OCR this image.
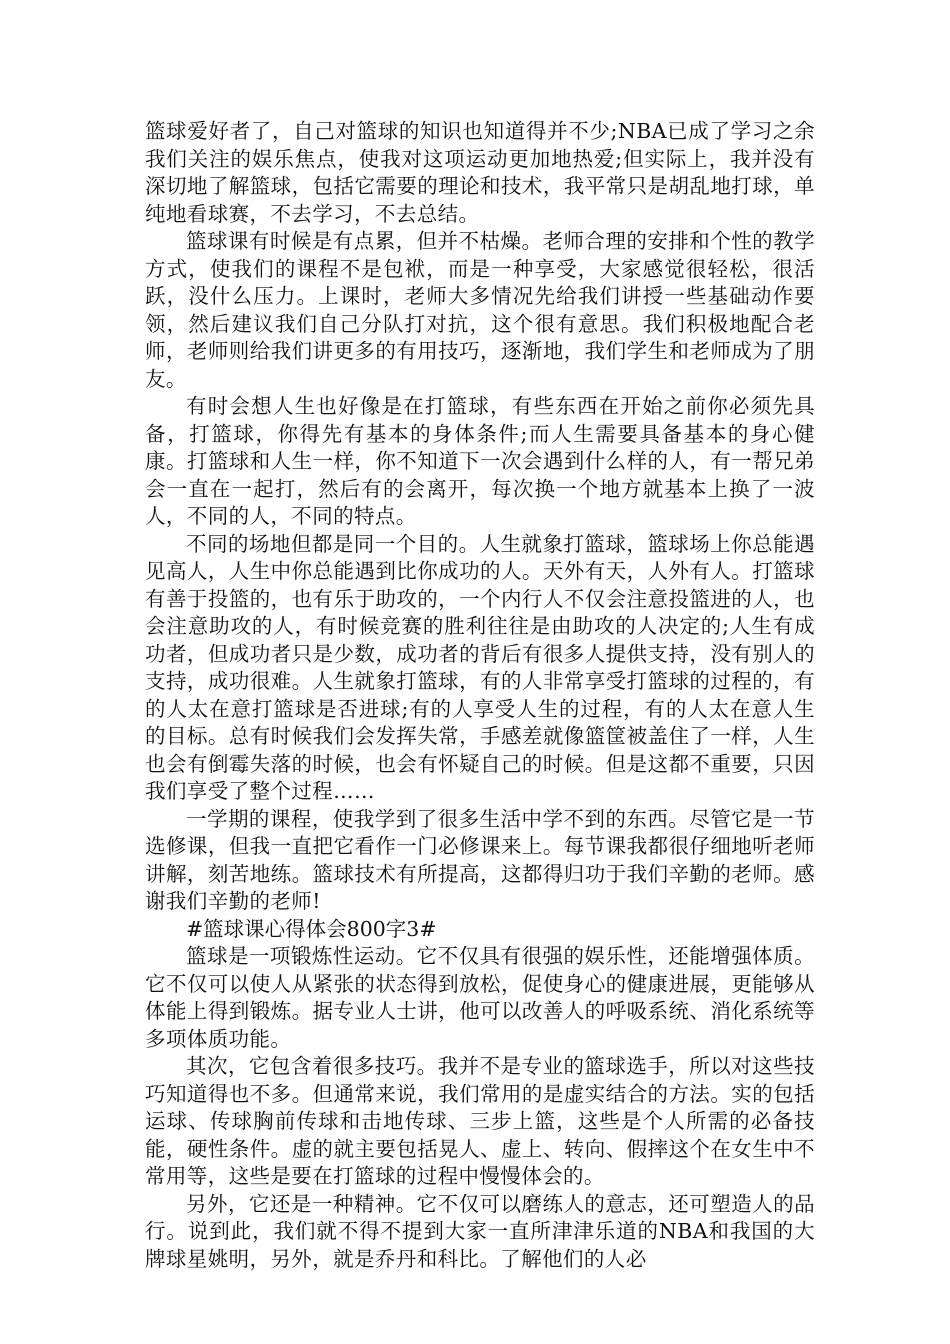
篮球爱好者了，自己对篮球的知识也知道得并不少;NBA已成了学习之余我们关注的娱乐焦点，使我对这项运动更加地热爱;但实际上，我并没有深切地了解篮球，包括它需要的理论和技术，我平常只是胡乱地打球，单纯地看球赛，不去学习，不去总结。

篮球课有时候是有点累，但并不枯燥。老师合理的安排和个性的教学方式，使我们的课程不是包袱，而是一种享受，大家感觉很轻松，很活跃，没什么压力。上课时，老师大多情况先给我们讲授一些基础动作要领，然后建议我们自己分队打对抗，这个很有意思。我们积极地配合老师，老师则给我们讲更多的有用技巧，逐渐地，我们学生和老师成为了朋友。

有时会想人生也好像是在打篮球，有些东西在开始之前你必须先具备，打篮球，你得先有基本的身体条件;而人生需要具备基本的身心健康。打篮球和人生一样，你不知道下一次会遇到什么样的人，有一帮兄弟会一直在一起打，然后有的会离开，每次换一个地方就基本上换了一波人，不同的人，不同的特点。

不同的场地但都是同一个目的。人生就象打篮球，篮球场上你总能遇见高人，人生中你总能遇到比你成功的人。天外有天，人外有人。打篮球有善于投篮的，也有乐于助攻的，一个内行人不仅会注意投篮进的人，也会注意助攻的人，有时候竞赛的胜利往往是由助攻的人决定的;人生有成功者，但成功者只是少数，成功者的背后有很多人提供支持，没有别人的支持，成功很难。人生就象打篮球，有的人非常享受打篮球的过程的，有的人太在意打篮球是否进球;有的人享受人生的过程，有的人太在意人生的目标。总有时候我们会发挥失常，手感差就像篮筐被盖住了一样，人生也会有倒霉失落的时候，也会有怀疑自己的时候。但是这都不重要，只因我们享受了整个过程……

一学期的课程，使我学到了很多生活中学不到的东西。尽管它是一节选修课，但我一直把它看作一门必修课来上。每节课我都很仔细地听老师讲解，刻苦地练。篮球技术有所提高，这都得归功于我们辛勤的老师。感谢我们辛勤的老师!

#篮球课心得体会800字3#

篮球是一项锻炼性运动。它不仅具有很强的娱乐性，还能增强体质。它不仅可以使人从紧张的状态得到放松，促使身心的健康进展，更能够从体能上得到锻炼。据专业人士讲，他可以改善人的呼吸系统、消化系统等多项体质功能。

其次，它包含着很多技巧。我并不是专业的篮球选手，所以对这些技巧知道得也不多。但通常来说，我们常用的是虚实结合的方法。实的包括运球、传球胸前传球和击地传球、三步上篮，这些是个人所需的必备技能，硬性条件。虚的就主要包括晃人、虚上、转向、假摔这个在女生中不常用等，这些是要在打篮球的过程中慢慢体会的。

另外，它还是一种精神。它不仅可以磨练人的意志，还可塑造人的品行。说到此，我们就不得不提到大家一直所津津乐道的NBA和我国的大牌球星姚明，另外，就是乔丹和科比。了解他们的人必
